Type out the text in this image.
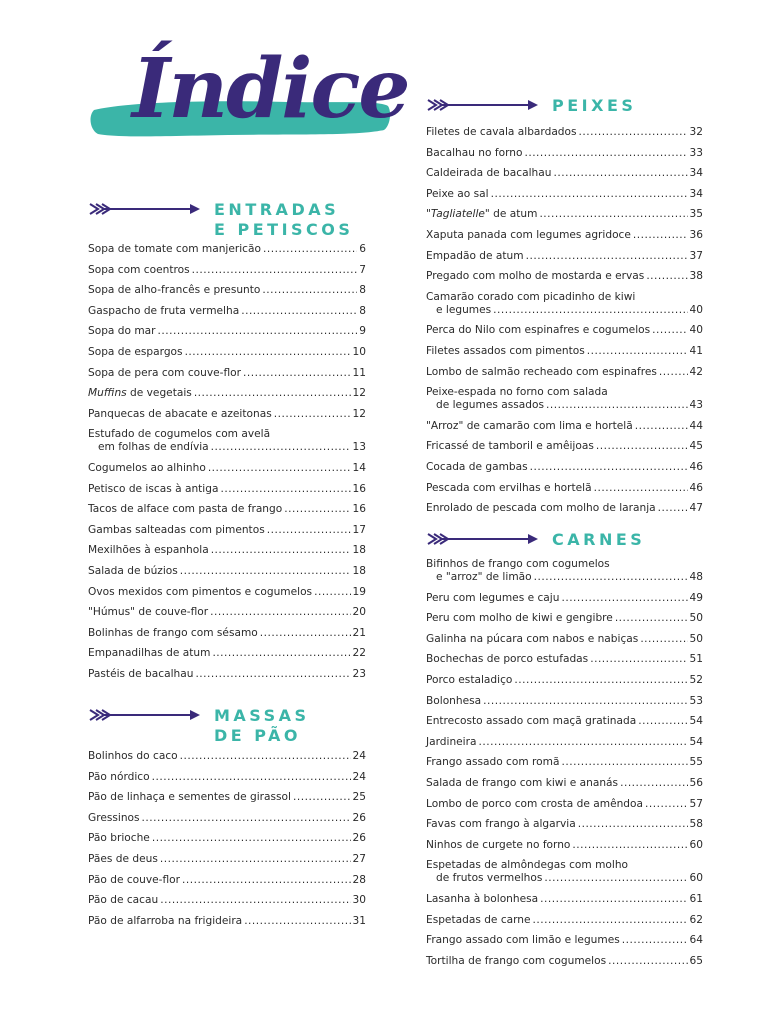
Índice
ENTRADAS
E PETISCOS
Sopa de tomate com manjericão .....	6
Sopa com coentros .....	7
Sopa de alho-francês e presunto .....	8
Gaspacho de fruta vermelha .....	8
Sopa do mar .....	9
Sopa de espargos .....	10
Sopa de pera com couve-flor .....	11
Muffins de vegetais .....	12
Panquecas de abacate e azeitonas .....	12
Estufado de cogumelos com avelã
em folhas de endívia .....	13
Cogumelos ao alhinho .....	14
Petisco de iscas à antiga .....	16
Tacos de alface com pasta de frango .....	16
Gambas salteadas com pimentos .....	17
Mexilhões à espanhola .....	18
Salada de búzios .....	18
Ovos mexidos com pimentos e cogumelos .....	19
"Húmus" de couve-flor .....	20
Bolinhas de frango com sésamo .....	21
Empanadilhas de atum .....	22
Pastéis de bacalhau .....	23
MASSAS
DE PÃO
Bolinhos do caco .....	24
Pão nórdico .....	24
Pão de linhaça e sementes de girassol .....	25
Gressinos .....	26
Pão brioche .....	26
Pães de deus .....	27
Pão de couve-flor .....	28
Pão de cacau .....	30
Pão de alfarroba na frigideira .....	31
PEIXES
Filetes de cavala albardados .....	32
Bacalhau no forno .....	33
Caldeirada de bacalhau .....	34
Peixe ao sal .....	34
"Tagliatelle" de atum .....	35
Xaputa panada com legumes agridoce .....	36
Empadão de atum .....	37
Pregado com molho de mostarda e ervas .....	38
Camarão corado com picadinho de kiwi
e legumes .....	40
Perca do Nilo com espinafres e cogumelos .....	40
Filetes assados com pimentos .....	41
Lombo de salmão recheado com espinafres .....	42
Peixe-espada no forno com salada
de legumes assados .....	43
"Arroz" de camarão com lima e hortelã .....	44
Fricassé de tamboril e amêijoas .....	45
Cocada de gambas .....	46
Pescada com ervilhas e hortelã .....	46
Enrolado de pescada com molho de laranja .....	47
CARNES
Bifinhos de frango com cogumelos
e "arroz" de limão .....	48
Peru com legumes e caju .....	49
Peru com molho de kiwi e gengibre .....	50
Galinha na púcara com nabos e nabiças .....	50
Bochechas de porco estufadas .....	51
Porco estaladiço .....	52
Bolonhesa .....	53
Entrecosto assado com maçã gratinada .....	54
Jardineira .....	54
Frango assado com romã .....	55
Salada de frango com kiwi e ananás .....	56
Lombo de porco com crosta de amêndoa .....	57
Favas com frango à algarvia .....	58
Ninhos de curgete no forno .....	60
Espetadas de almôndegas com molho
de frutos vermelhos .....	60
Lasanha à bolonhesa .....	61
Espetadas de carne .....	62
Frango assado com limão e legumes .....	64
Tortilha de frango com cogumelos .....	65
